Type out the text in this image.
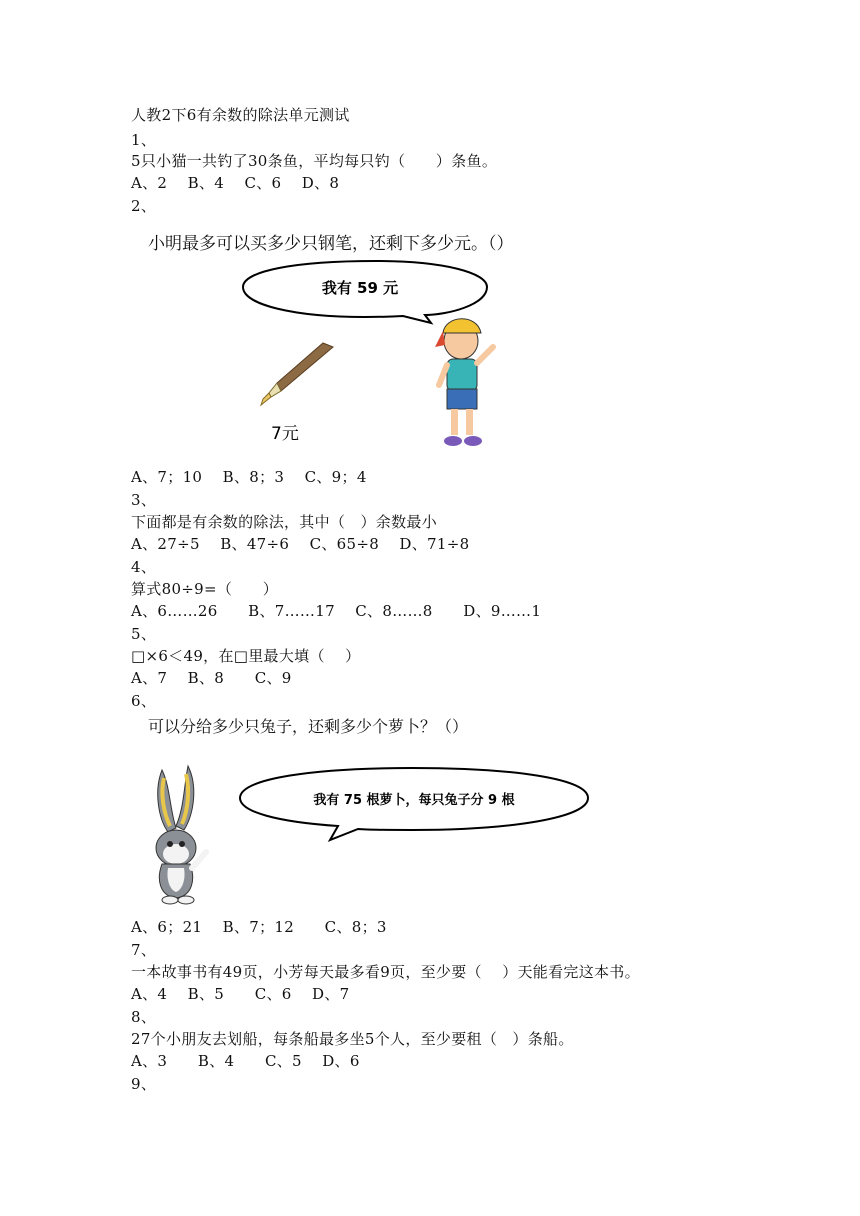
人教2下6有余数的除法单元测试
1、
5只小猫一共钓了30条鱼，平均每只钓（　　）条鱼。
A、2　 B、4　 C、6　 D、8
2、
小明最多可以买多少只钢笔，还剩下多少元。（）
我有 59 元
7元
A、7；10　 B、8；3　 C、9；4
3、
下面都是有余数的除法，其中（　）余数最小
A、27÷5　 B、47÷6　 C、65÷8　 D、71÷8
4、
算式80÷9=（　　）
A、6……26　　B、7……17　 C、8……8　　D、9……1
5、
□×6＜49，在□里最大填（　 ）
A、7　 B、8　　C、9
6、
可以分给多少只兔子，还剩多少个萝卜？（）
我有 75 根萝卜，每只兔子分 9 根
A、6；21　 B、7；12　　C、8；3
7、
一本故事书有49页，小芳每天最多看9页，至少要（　 ）天能看完这本书。
A、4　 B、5　　C、6　 D、7
8、
27个小朋友去划船，每条船最多坐5个人，至少要租（　）条船。
A、3　　B、4　　C、5　 D、6
9、
